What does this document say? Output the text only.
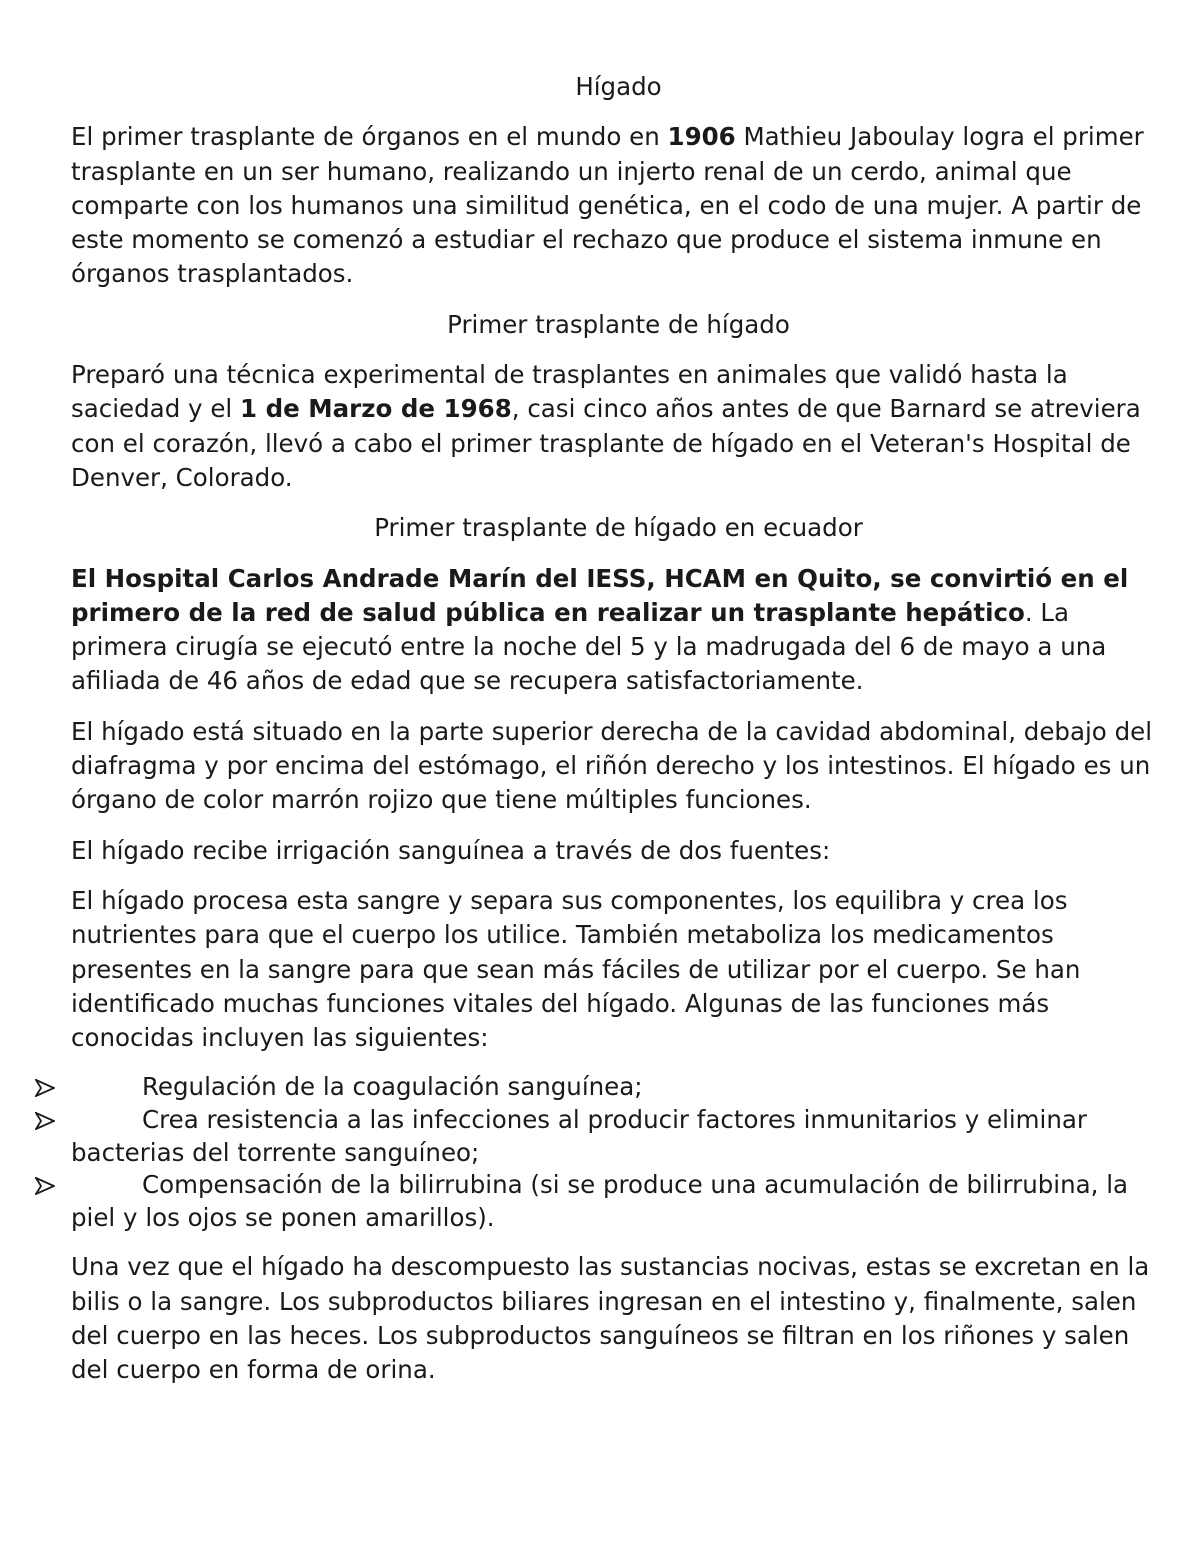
Hígado

El primer trasplante de órganos en el mundo en 1906 Mathieu Jaboulay logra el primer trasplante en un ser humano, realizando un injerto renal de un cerdo, animal que comparte con los humanos una similitud genética, en el codo de una mujer. A partir de este momento se comenzó a estudiar el rechazo que produce el sistema inmune en órganos trasplantados.

Primer trasplante de hígado

Preparó una técnica experimental de trasplantes en animales que validó hasta la saciedad y el 1 de Marzo de 1968, casi cinco años antes de que Barnard se atreviera con el corazón, llevó a cabo el primer trasplante de hígado en el Veteran's Hospital de Denver, Colorado.

Primer trasplante de hígado en ecuador

El Hospital Carlos Andrade Marín del IESS, HCAM en Quito, se convirtió en el primero de la red de salud pública en realizar un trasplante hepático. La primera cirugía se ejecutó entre la noche del 5 y la madrugada del 6 de mayo a una afiliada de 46 años de edad que se recupera satisfactoriamente.

El hígado está situado en la parte superior derecha de la cavidad abdominal, debajo del diafragma y por encima del estómago, el riñón derecho y los intestinos. El hígado es un órgano de color marrón rojizo que tiene múltiples funciones.

El hígado recibe irrigación sanguínea a través de dos fuentes:

El hígado procesa esta sangre y separa sus componentes, los equilibra y crea los nutrientes para que el cuerpo los utilice. También metaboliza los medicamentos presentes en la sangre para que sean más fáciles de utilizar por el cuerpo. Se han identificado muchas funciones vitales del hígado. Algunas de las funciones más conocidas incluyen las siguientes:

Regulación de la coagulación sanguínea;
Crea resistencia a las infecciones al producir factores inmunitarios y eliminar bacterias del torrente sanguíneo;
Compensación de la bilirrubina (si se produce una acumulación de bilirrubina, la piel y los ojos se ponen amarillos).

Una vez que el hígado ha descompuesto las sustancias nocivas, estas se excretan en la bilis o la sangre. Los subproductos biliares ingresan en el intestino y, finalmente, salen del cuerpo en las heces. Los subproductos sanguíneos se filtran en los riñones y salen del cuerpo en forma de orina.
